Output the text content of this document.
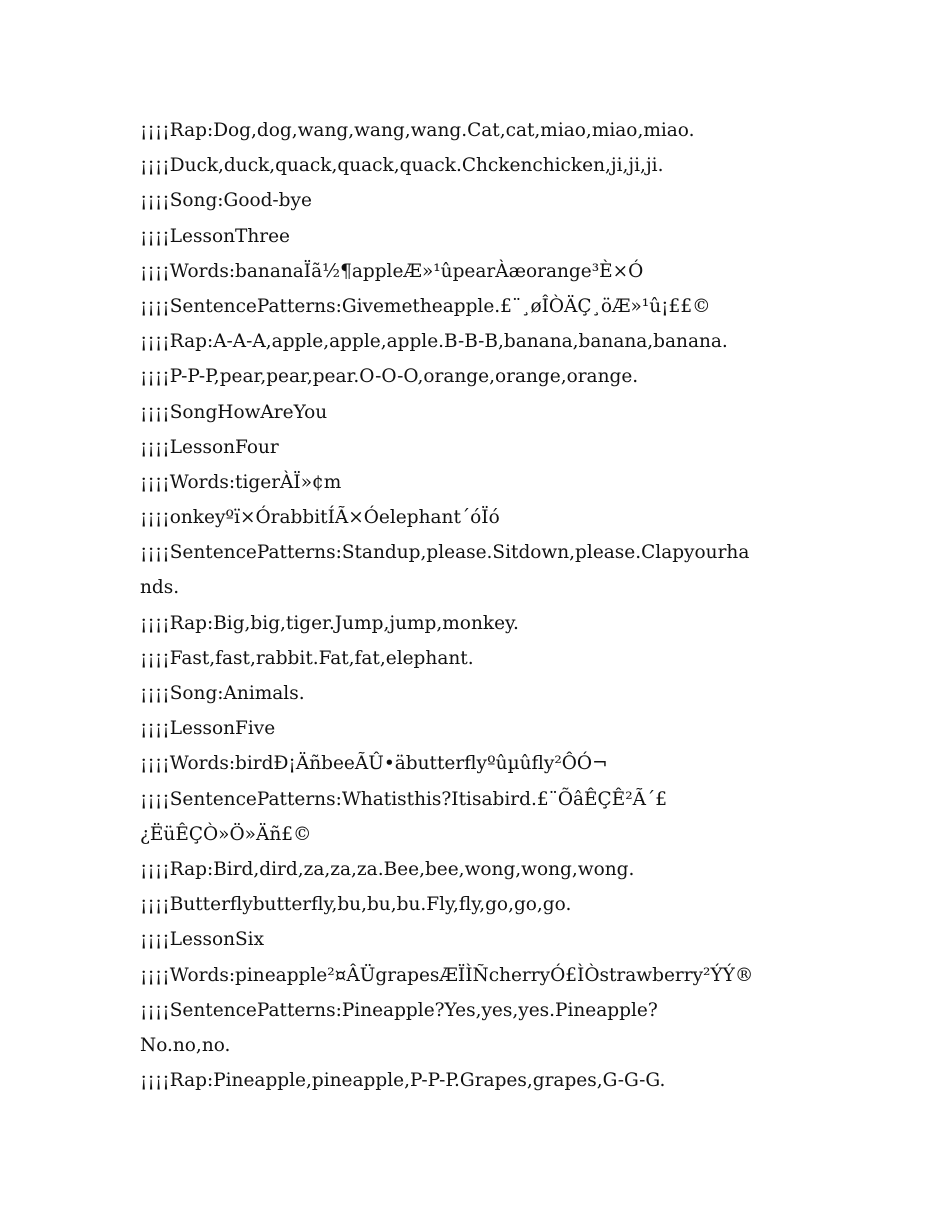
¡¡¡¡Rap:Dog,dog,wang,wang,wang.Cat,cat,miao,miao,miao.
¡¡¡¡Duck,duck,quack,quack,quack.Chckenchicken,ji,ji,ji.
¡¡¡¡Song:Good-bye
¡¡¡¡LessonThree
¡¡¡¡Words:bananaÏã½¶appleÆ»¹ûpearÀæorange³È×Ó
¡¡¡¡SentencePatterns:Givemetheapple.£¨¸øÎÒÄÇ¸öÆ»¹û¡££©
¡¡¡¡Rap:A-A-A,apple,apple,apple.B-B-B,banana,banana,banana.
¡¡¡¡P-P-P,pear,pear,pear.O-O-O,orange,orange,orange.
¡¡¡¡SongHowAreYou
¡¡¡¡LessonFour
¡¡¡¡Words:tigerÀÏ»¢m
¡¡¡¡onkeyºï×ÓrabbitÍÃ×Óelephant´óÏó
¡¡¡¡SentencePatterns:Standup,please.Sitdown,please.Clapyourha
nds.
¡¡¡¡Rap:Big,big,tiger.Jump,jump,monkey.
¡¡¡¡Fast,fast,rabbit.Fat,fat,elephant.
¡¡¡¡Song:Animals.
¡¡¡¡LessonFive
¡¡¡¡Words:birdÐ¡ÄñbeeÃÛ•äbutterflyºûµûfly²ÔÓ¬
¡¡¡¡SentencePatterns:Whatisthis?Itisabird.£¨ÕâÊÇÊ²Ã´£
¿ËüÊÇÒ»Ö»Äñ£©
¡¡¡¡Rap:Bird,dird,za,za,za.Bee,bee,wong,wong,wong.
¡¡¡¡Butterflybutterfly,bu,bu,bu.Fly,fly,go,go,go.
¡¡¡¡LessonSix
¡¡¡¡Words:pineapple²¤ÂÜgrapesÆÏÌÑcherryÓ£ÌÒstrawberry²ÝÝ®
¡¡¡¡SentencePatterns:Pineapple?Yes,yes,yes.Pineapple?
No.no,no.
¡¡¡¡Rap:Pineapple,pineapple,P-P-P.Grapes,grapes,G-G-G.
